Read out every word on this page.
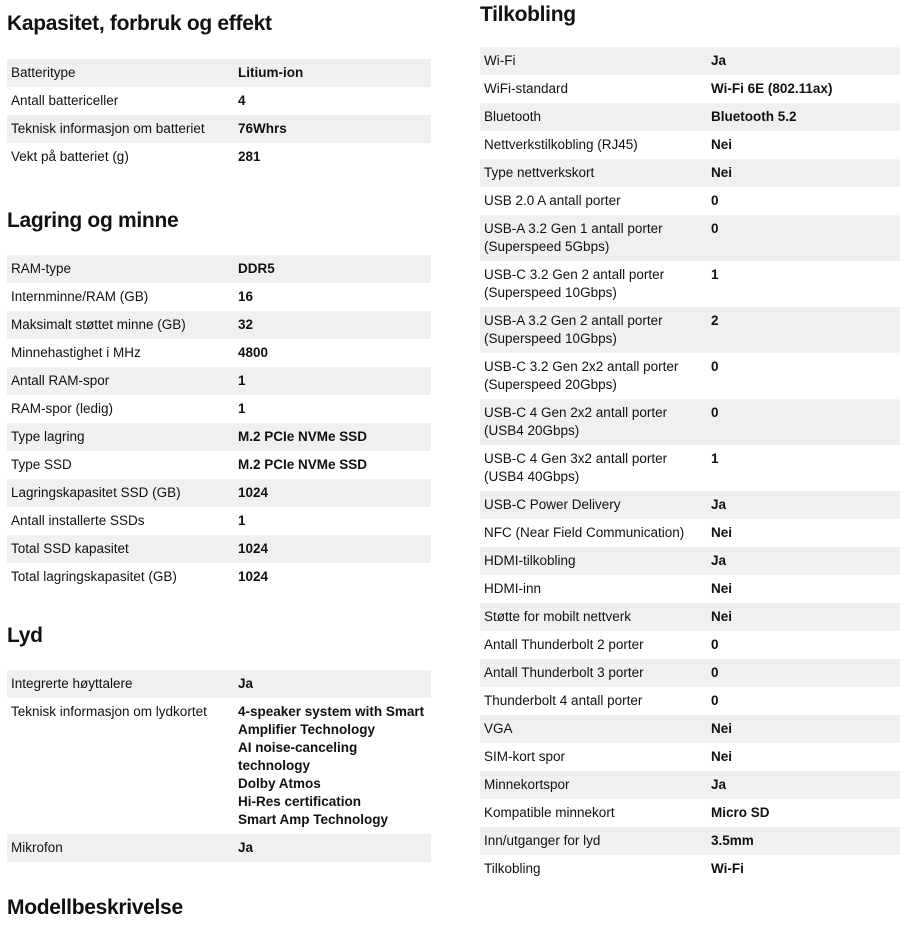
Kapasitet, forbruk og effekt
Batteritype	Litium-ion
Antall battericeller	4
Teknisk informasjon om batteriet	76Whrs
Vekt på batteriet (g)	281
Lagring og minne
RAM-type	DDR5
Internminne/RAM (GB)	16
Maksimalt støttet minne (GB)	32
Minnehastighet i MHz	4800
Antall RAM-spor	1
RAM-spor (ledig)	1
Type lagring	M.2 PCIe NVMe SSD
Type SSD	M.2 PCIe NVMe SSD
Lagringskapasitet SSD (GB)	1024
Antall installerte SSDs	1
Total SSD kapasitet	1024
Total lagringskapasitet (GB)	1024
Lyd
Integrerte høyttalere	Ja
Teknisk informasjon om lydkortet	4-speaker system with Smart Amplifier Technology
AI noise-canceling technology
Dolby Atmos
Hi-Res certification
Smart Amp Technology

Mikrofon	Ja
Modellbeskrivelse
Tilkobling
Wi-Fi	Ja
WiFi-standard	Wi-Fi 6E (802.11ax)
Bluetooth	Bluetooth 5.2
Nettverkstilkobling (RJ45)	Nei
Type nettverkskort	Nei
USB 2.0 A antall porter	0
USB-A 3.2 Gen 1 antall porter (Superspeed 5Gbps)	0
USB-C 3.2 Gen 2 antall porter (Superspeed 10Gbps)	1
USB-A 3.2 Gen 2 antall porter (Superspeed 10Gbps)	2
USB-C 3.2 Gen 2x2 antall porter (Superspeed 20Gbps)	0
USB-C 4 Gen 2x2 antall porter (USB4 20Gbps)	0
USB-C 4 Gen 3x2 antall porter (USB4 40Gbps)	1
USB-C Power Delivery	Ja
NFC (Near Field Communication)	Nei
HDMI-tilkobling	Ja
HDMI-inn	Nei
Støtte for mobilt nettverk	Nei
Antall Thunderbolt 2 porter	0
Antall Thunderbolt 3 porter	0
Thunderbolt 4 antall porter	0
VGA	Nei
SIM-kort spor	Nei
Minnekortspor	Ja
Kompatible minnekort	Micro SD
Inn/utganger for lyd	3.5mm
Tilkobling	Wi-Fi
